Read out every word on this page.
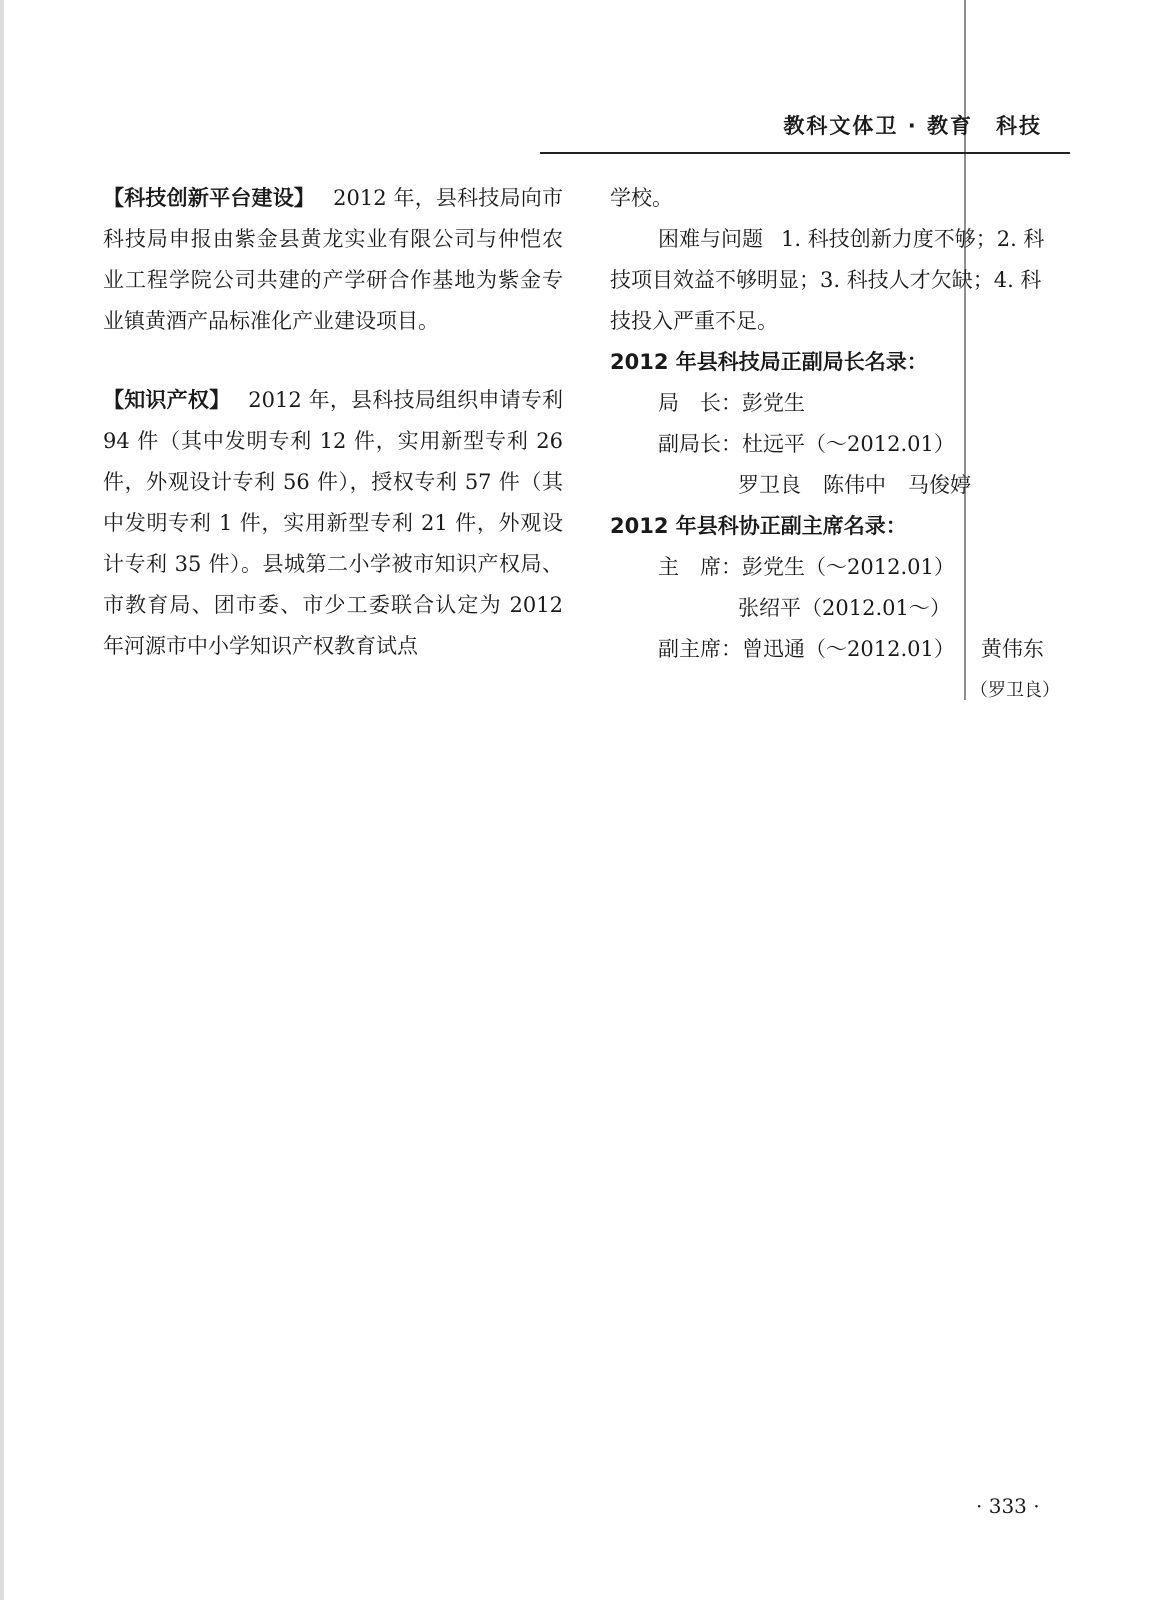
教科文体卫 · 教育　科技
【科技创新平台建设】 2012 年，县科技局向市科技局申报由紫金县黄龙实业有限公司与仲恺农业工程学院公司共建的产学研合作基地为紫金专业镇黄酒产品标准化产业建设项目。
【知识产权】 2012 年，县科技局组织申请专利 94 件（其中发明专利 12 件，实用新型专利 26 件，外观设计专利 56 件），授权专利 57 件（其中发明专利 1 件，实用新型专利 21 件，外观设计专利 35 件）。县城第二小学被市知识产权局、市教育局、团市委、市少工委联合认定为 2012 年河源市中小学知识产权教育试点
学校。
困难与问题 1. 科技创新力度不够；2. 科
技项目效益不够明显；3. 科技人才欠缺；4. 科
技投入严重不足。
2012 年县科技局正副局长名录：
局　长：彭党生
副局长：杜远平（～2012.01）
罗卫良 陈伟中 马俊婷
2012 年县科协正副主席名录：
主　席：彭党生（～2012.01）
张绍平（2012.01～）
副主席：曾迅通（～2012.01） 黄伟东
（罗卫良）
· 333 ·
